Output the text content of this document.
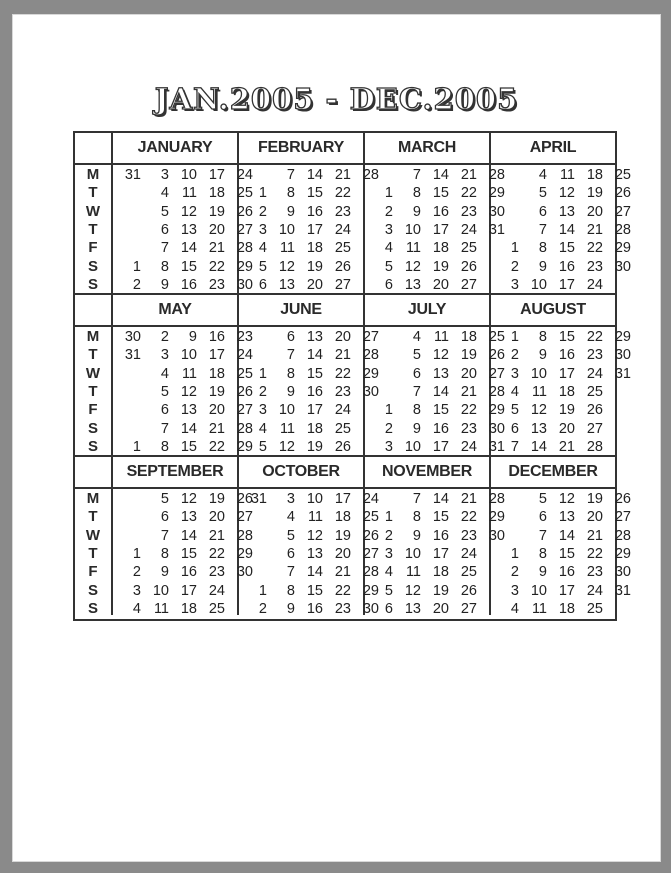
JAN.2005 - DEC.2005
M
T
W
T
F
S
S
JANUARY
31
1
2
3
4
5
6
7
8
9
10
11
12
13
14
15
16
17
18
19
20
21
22
23
24
25
26
27
28
29
30
FEBRUARY
1
2
3
4
5
6
7
8
9
10
11
12
13
14
15
16
17
18
19
20
21
22
23
24
25
26
27
28
MARCH
1
2
3
4
5
6
7
8
9
10
11
12
13
14
15
16
17
18
19
20
21
22
23
24
25
26
27
28
29
30
31
APRIL
1
2
3
4
5
6
7
8
9
10
11
12
13
14
15
16
17
18
19
20
21
22
23
24
25
26
27
28
29
30
M
T
W
T
F
S
S
MAY
30
31
1
2
3
4
5
6
7
8
9
10
11
12
13
14
15
16
17
18
19
20
21
22
23
24
25
26
27
28
29
JUNE
1
2
3
4
5
6
7
8
9
10
11
12
13
14
15
16
17
18
19
20
21
22
23
24
25
26
27
28
29
30
JULY
1
2
3
4
5
6
7
8
9
10
11
12
13
14
15
16
17
18
19
20
21
22
23
24
25
26
27
28
29
30
31
AUGUST
1
2
3
4
5
6
7
8
9
10
11
12
13
14
15
16
17
18
19
20
21
22
23
24
25
26
27
28
29
30
31
M
T
W
T
F
S
S
SEPTEMBER
1
2
3
4
5
6
7
8
9
10
11
12
13
14
15
16
17
18
19
20
21
22
23
24
25
26
27
28
29
30
OCTOBER
31
1
2
3
4
5
6
7
8
9
10
11
12
13
14
15
16
17
18
19
20
21
22
23
24
25
26
27
28
29
30
NOVEMBER
1
2
3
4
5
6
7
8
9
10
11
12
13
14
15
16
17
18
19
20
21
22
23
24
25
26
27
28
29
30
DECEMBER
1
2
3
4
5
6
7
8
9
10
11
12
13
14
15
16
17
18
19
20
21
22
23
24
25
26
27
28
29
30
31
